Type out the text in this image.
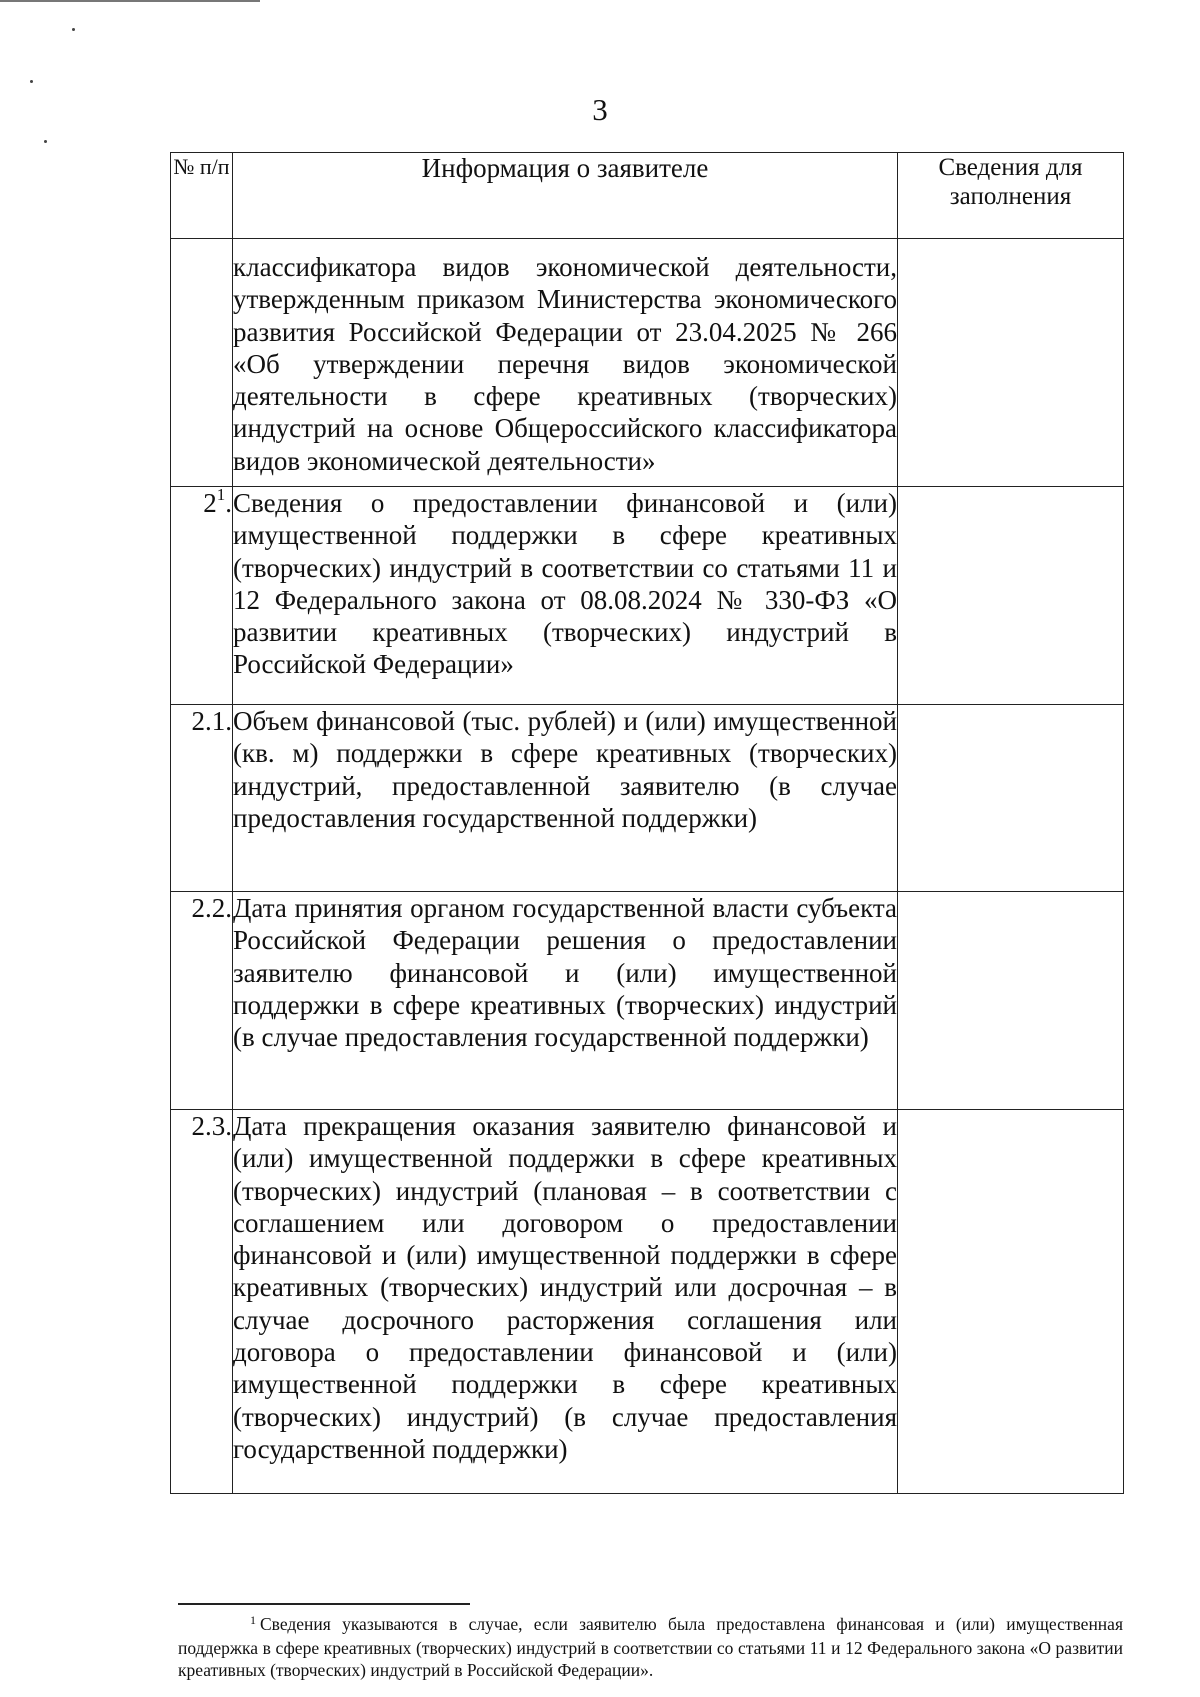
3
№ п/п	Информация о заявителе	Сведения для заполнения
	классификатора видов экономической деятельности, утвержденным приказом Министерства экономического развития Российской Федерации от 23.04.2025 № 266 «Об утверждении перечня видов экономической деятельности в сфере креативных (творческих) индустрий на основе Общероссийского классификатора видов экономической деятельности»	
$2^1$.	Сведения о предоставлении финансовой и (или) имущественной поддержки в сфере креативных (творческих) индустрий в соответствии со статьями 11 и 12 Федерального закона от 08.08.2024 № 330-ФЗ «О развитии креативных (творческих) индустрий в Российской Федерации»	
2.1.	Объем финансовой (тыс. рублей) и (или) имущественной (кв. м) поддержки в сфере креативных (творческих) индустрий, предоставленной заявителю (в случае предоставления государственной поддержки)	
2.2.	Дата принятия органом государственной власти субъекта Российской Федерации решения о предоставлении заявителю финансовой и (или) имущественной поддержки в сфере креативных (творческих) индустрий (в случае предоставления государственной поддержки)	
2.3.	Дата прекращения оказания заявителю финансовой и (или) имущественной поддержки в сфере креативных (творческих) индустрий (плановая – в соответствии с соглашением или договором о предоставлении финансовой и (или) имущественной поддержки в сфере креативных (творческих) индустрий или досрочная – в случае досрочного расторжения соглашения или договора о предоставлении финансовой и (или) имущественной поддержки в сфере креативных (творческих) индустрий) (в случае предоставления государственной поддержки)	
$^1$ Сведения указываются в случае, если заявителю была предоставлена финансовая и (или) имущественная поддержка в сфере креативных (творческих) индустрий в соответствии со статьями 11 и 12 Федерального закона «О развитии креативных (творческих) индустрий в Российской Федерации».
